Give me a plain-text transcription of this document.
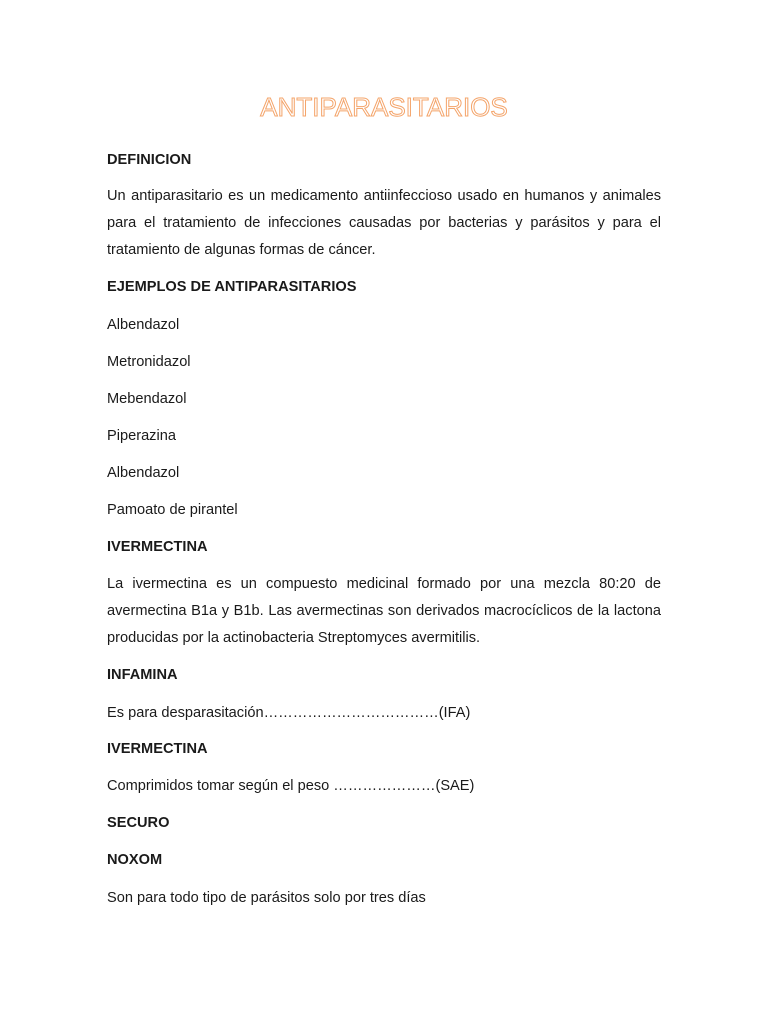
ANTIPARASITARIOS

DEFINICION

Un antiparasitario es un medicamento antiinfeccioso usado en humanos y animales para el tratamiento de infecciones causadas por bacterias y parásitos y para el tratamiento de algunas formas de cáncer.

EJEMPLOS DE ANTIPARASITARIOS

Albendazol

Metronidazol

Mebendazol

Piperazina

Albendazol

Pamoato de pirantel

IVERMECTINA

La ivermectina es un compuesto medicinal formado por una mezcla 80:20 de avermectina B1a y B1b. Las avermectinas son derivados macrocíclicos de la lactona producidas por la actinobacteria Streptomyces avermitilis.

INFAMINA

Es para desparasitación………………………………(IFA)

IVERMECTINA

Comprimidos tomar según el peso …………………(SAE)

SECURO

NOXOM

Son para todo tipo de parásitos solo por tres días
